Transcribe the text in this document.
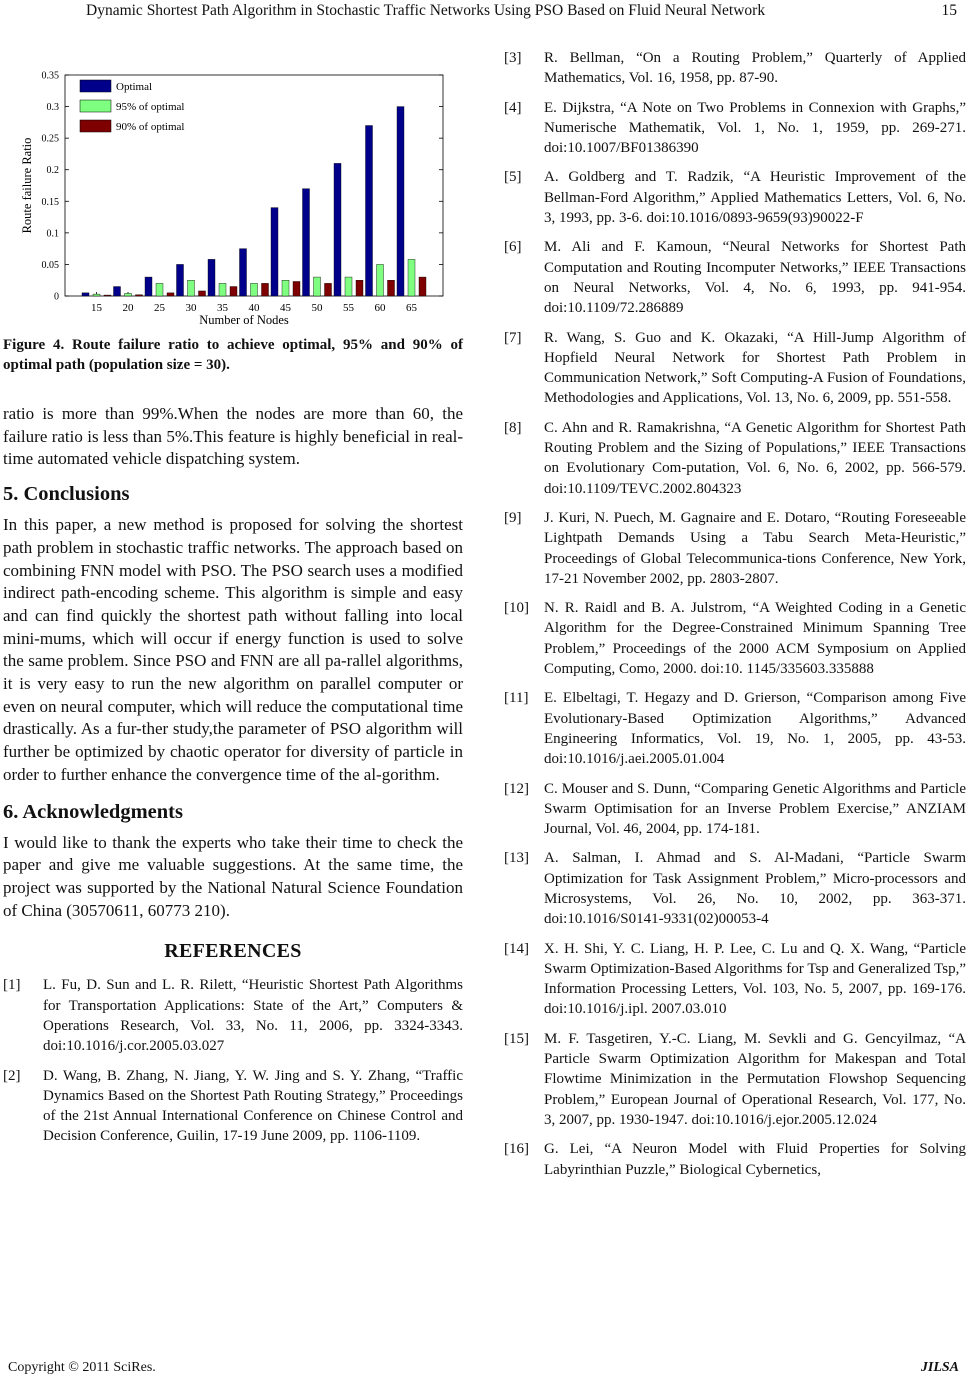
Dynamic Shortest Path Algorithm in Stochastic Traffic Networks Using PSO Based on Fluid Neural Network	15
0
0.05
0.1
0.15
0.2
0.25
0.3
0.35
15 20 25 30 35 40 45 50 55 60 65
Number of Nodes
Route failure Ratio
Optimal
95% of optimal
90% of optimal
Figure 4. Route failure ratio to achieve optimal, 95% and 90% of optimal path (population size = 30).

ratio is more than 99%.When the nodes are more than 60, the failure ratio is less than 5%.This feature is highly beneficial in real-time automated vehicle dispatching system.

5. Conclusions

In this paper, a new method is proposed for solving the shortest path problem in stochastic traffic networks. The approach based on combining FNN model with PSO. The PSO search uses a modified indirect path-encoding scheme. This algorithm is simple and easy and can find quickly the shortest path without falling into local mini-mums, which will occur if energy function is used to solve the same problem. Since PSO and FNN are all pa-rallel algorithms, it is very easy to run the new algorithm on parallel computer or even on neural computer, which will reduce the computational time drastically. As a fur-ther study,the parameter of PSO algorithm will further be optimized by chaotic operator for diversity of particle in order to further enhance the convergence time of the al-gorithm.

6. Acknowledgments

I would like to thank the experts who take their time to check the paper and give me valuable suggestions. At the same time, the project was supported by the National Natural Science Foundation of China (30570611, 60773 210).

REFERENCES
[1] L. Fu, D. Sun and L. R. Rilett, “Heuristic Shortest Path Algorithms for Transportation Applications: State of the Art,” Computers & Operations Research, Vol. 33, No. 11, 2006, pp. 3324-3343. doi:10.1016/j.cor.2005.03.027
[2] D. Wang, B. Zhang, N. Jiang, Y. W. Jing and S. Y. Zhang, “Traffic Dynamics Based on the Shortest Path Routing Strategy,” Proceedings of the 21st Annual International Conference on Chinese Control and Decision Conference, Guilin, 17-19 June 2009, pp. 1106-1109.
[3] R. Bellman, “On a Routing Problem,” Quarterly of Applied Mathematics, Vol. 16, 1958, pp. 87-90.
[4] E. Dijkstra, “A Note on Two Problems in Connexion with Graphs,” Numerische Mathematik, Vol. 1, No. 1, 1959, pp. 269-271. doi:10.1007/BF01386390
[5] A. Goldberg and T. Radzik, “A Heuristic Improvement of the Bellman-Ford Algorithm,” Applied Mathematics Letters, Vol. 6, No. 3, 1993, pp. 3-6. doi:10.1016/0893-9659(93)90022-F
[6] M. Ali and F. Kamoun, “Neural Networks for Shortest Path Computation and Routing Incomputer Networks,” IEEE Transactions on Neural Networks, Vol. 4, No. 6, 1993, pp. 941-954. doi:10.1109/72.286889
[7] R. Wang, S. Guo and K. Okazaki, “A Hill-Jump Algorithm of Hopfield Neural Network for Shortest Path Problem in Communication Network,” Soft Computing-A Fusion of Foundations, Methodologies and Applications, Vol. 13, No. 6, 2009, pp. 551-558.
[8] C. Ahn and R. Ramakrishna, “A Genetic Algorithm for Shortest Path Routing Problem and the Sizing of Populations,” IEEE Transactions on Evolutionary Com-putation, Vol. 6, No. 6, 2002, pp. 566-579. doi:10.1109/TEVC.2002.804323
[9] J. Kuri, N. Puech, M. Gagnaire and E. Dotaro, “Routing Foreseeable Lightpath Demands Using a Tabu Search Meta-Heuristic,” Proceedings of Global Telecommunica-tions Conference, New York, 17-21 November 2002, pp. 2803-2807.
[10] N. R. Raidl and B. A. Julstrom, “A Weighted Coding in a Genetic Algorithm for the Degree-Constrained Minimum Spanning Tree Problem,” Proceedings of the 2000 ACM Symposium on Applied Computing, Como, 2000. doi:10. 1145/335603.335888
[11] E. Elbeltagi, T. Hegazy and D. Grierson, “Comparison among Five Evolutionary-Based Optimization Algorithms,” Advanced Engineering Informatics, Vol. 19, No. 1, 2005, pp. 43-53. doi:10.1016/j.aei.2005.01.004
[12] C. Mouser and S. Dunn, “Comparing Genetic Algorithms and Particle Swarm Optimisation for an Inverse Problem Exercise,” ANZIAM Journal, Vol. 46, 2004, pp. 174-181.
[13] A. Salman, I. Ahmad and S. Al-Madani, “Particle Swarm Optimization for Task Assignment Problem,” Micro-processors and Microsystems, Vol. 26, No. 10, 2002, pp. 363-371. doi:10.1016/S0141-9331(02)00053-4
[14] X. H. Shi, Y. C. Liang, H. P. Lee, C. Lu and Q. X. Wang, “Particle Swarm Optimization-Based Algorithms for Tsp and Generalized Tsp,” Information Processing Letters, Vol. 103, No. 5, 2007, pp. 169-176. doi:10.1016/j.ipl. 2007.03.010
[15] M. F. Tasgetiren, Y.-C. Liang, M. Sevkli and G. Gencyilmaz, “A Particle Swarm Optimization Algorithm for Makespan and Total Flowtime Minimization in the Permutation Flowshop Sequencing Problem,” European Journal of Operational Research, Vol. 177, No. 3, 2007, pp. 1930-1947. doi:10.1016/j.ejor.2005.12.024
[16] G. Lei, “A Neuron Model with Fluid Properties for Solving Labyrinthian Puzzle,” Biological Cybernetics,
Copyright © 2011 SciRes.	JILSA
